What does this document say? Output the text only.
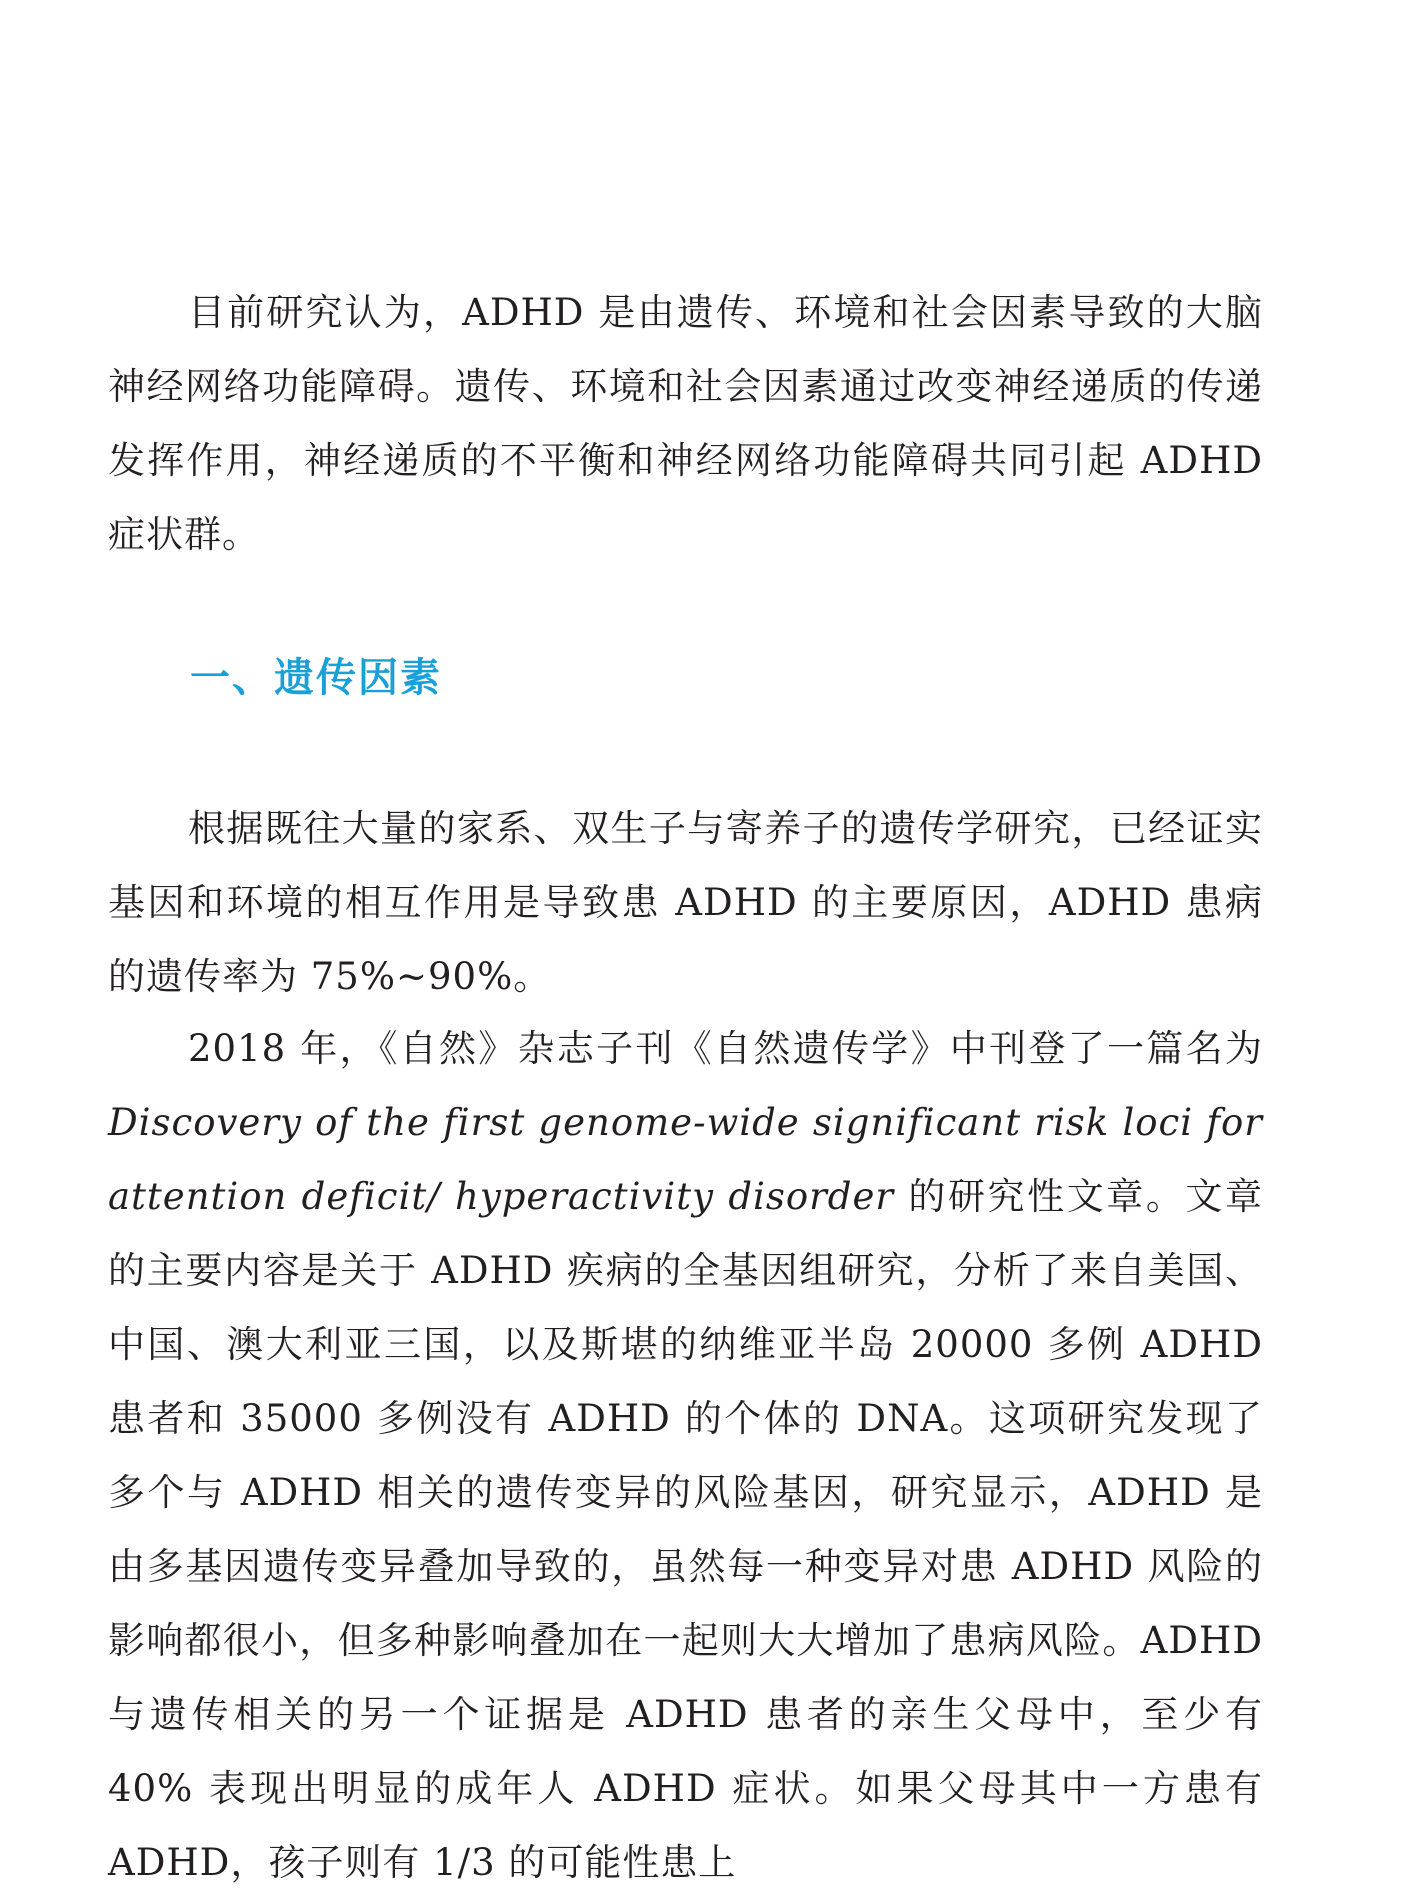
目前研究认为，ADHD 是由遗传、环境和社会因素导致的大脑神经网络功能障碍。遗传、环境和社会因素通过改变神经递质的传递发挥作用，神经递质的不平衡和神经网络功能障碍共同引起 ADHD 症状群。

一、遗传因素

根据既往大量的家系、双生子与寄养子的遗传学研究，已经证实基因和环境的相互作用是导致患 ADHD 的主要原因，ADHD 患病的遗传率为 75%~90%。

2018 年，《自然》杂志子刊《自然遗传学》中刊登了一篇名为Discovery of the first genome-wide significant risk loci for attention deficit/ hyperactivity disorder 的研究性文章。文章的主要内容是关于 ADHD 疾病的全基因组研究，分析了来自美国、中国、澳大利亚三国，以及斯堪的纳维亚半岛 20000 多例 ADHD 患者和 35000 多例没有 ADHD 的个体的 DNA。这项研究发现了多个与 ADHD 相关的遗传变异的风险基因，研究显示，ADHD 是由多基因遗传变异叠加导致的，虽然每一种变异对患 ADHD 风险的影响都很小，但多种影响叠加在一起则大大增加了患病风险。ADHD 与遗传相关的另一个证据是 ADHD 患者的亲生父母中，至少有 40% 表现出明显的成年人 ADHD 症状。如果父母其中一方患有 ADHD，孩子则有 1/3 的可能性患上
